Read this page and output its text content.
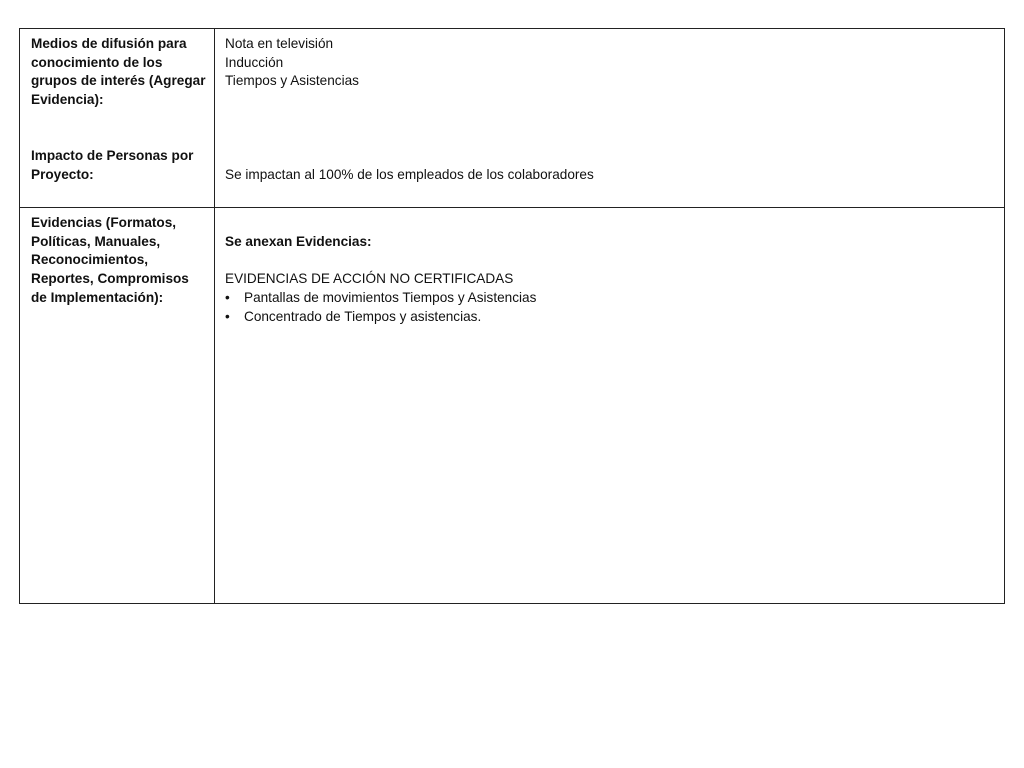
Medios de difusión para conocimiento de los grupos de interés (Agregar Evidencia):

Impacto de Personas por Proyecto:

Nota en televisión
Inducción
Tiempos y Asistencias

Se impactan al 100% de los empleados de los colaboradores

Evidencias (Formatos, Políticas, Manuales, Reconocimientos, Reportes, Compromisos de Implementación):

Se anexan Evidencias:

EVIDENCIAS DE ACCIÓN NO CERTIFICADAS

• Pantallas de movimientos Tiempos y Asistencias
• Concentrado de Tiempos y asistencias.
